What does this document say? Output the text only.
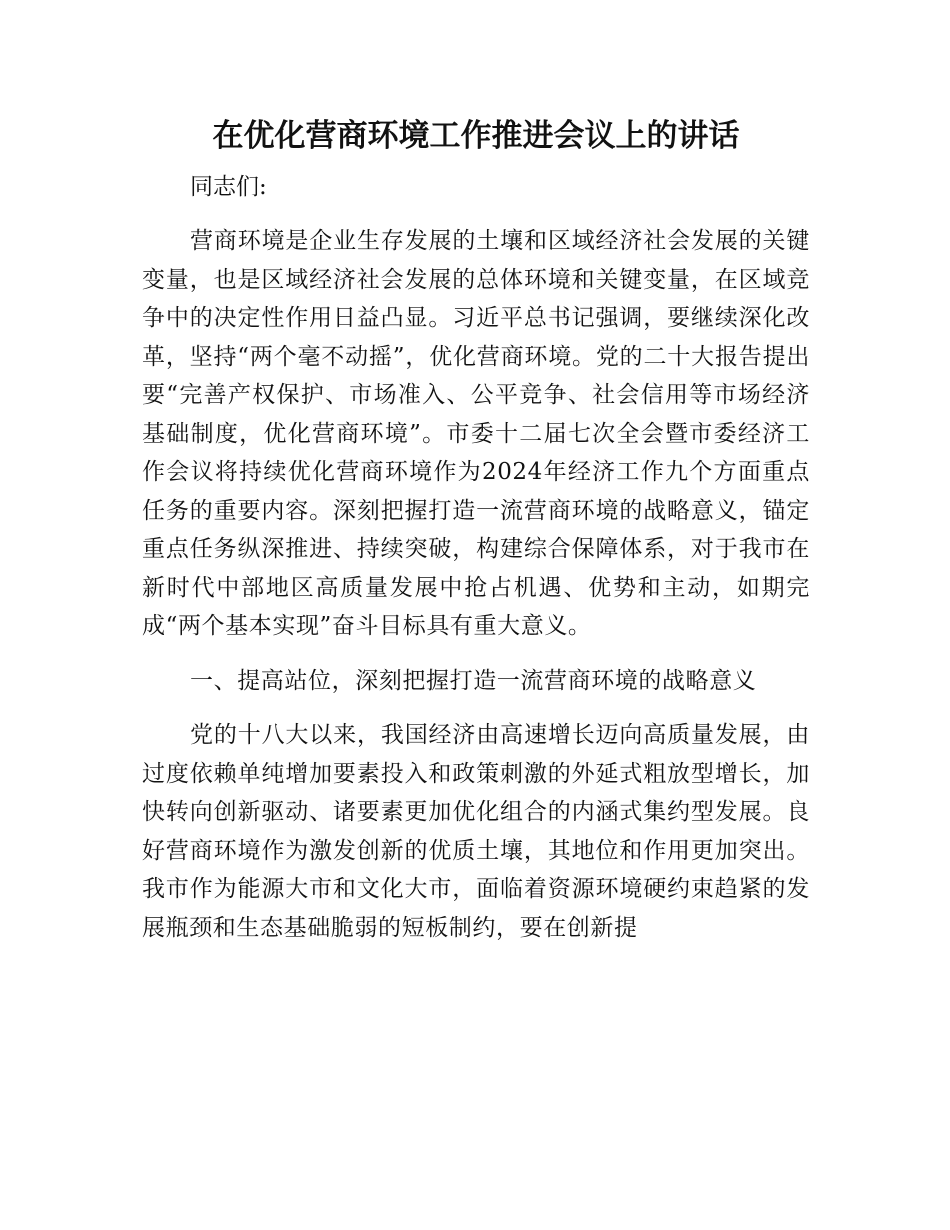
在优化营商环境工作推进会议上的讲话

同志们:

营商环境是企业生存发展的土壤和区域经济社会发展的关键变量，也是区域经济社会发展的总体环境和关键变量，在区域竞争中的决定性作用日益凸显。习近平总书记强调，要继续深化改革，坚持“两个毫不动摇”，优化营商环境。党的二十大报告提出要“完善产权保护、市场准入、公平竞争、社会信用等市场经济基础制度，优化营商环境”。市委十二届七次全会暨市委经济工作会议将持续优化营商环境作为2024年经济工作九个方面重点任务的重要内容。深刻把握打造一流营商环境的战略意义，锚定重点任务纵深推进、持续突破，构建综合保障体系，对于我市在新时代中部地区高质量发展中抢占机遇、优势和主动，如期完成“两个基本实现”奋斗目标具有重大意义。

一、提高站位，深刻把握打造一流营商环境的战略意义

党的十八大以来，我国经济由高速增长迈向高质量发展，由过度依赖单纯增加要素投入和政策刺激的外延式粗放型增长，加快转向创新驱动、诸要素更加优化组合的内涵式集约型发展。良好营商环境作为激发创新的优质土壤，其地位和作用更加突出。我市作为能源大市和文化大市，面临着资源环境硬约束趋紧的发展瓶颈和生态基础脆弱的短板制约，要在创新提
